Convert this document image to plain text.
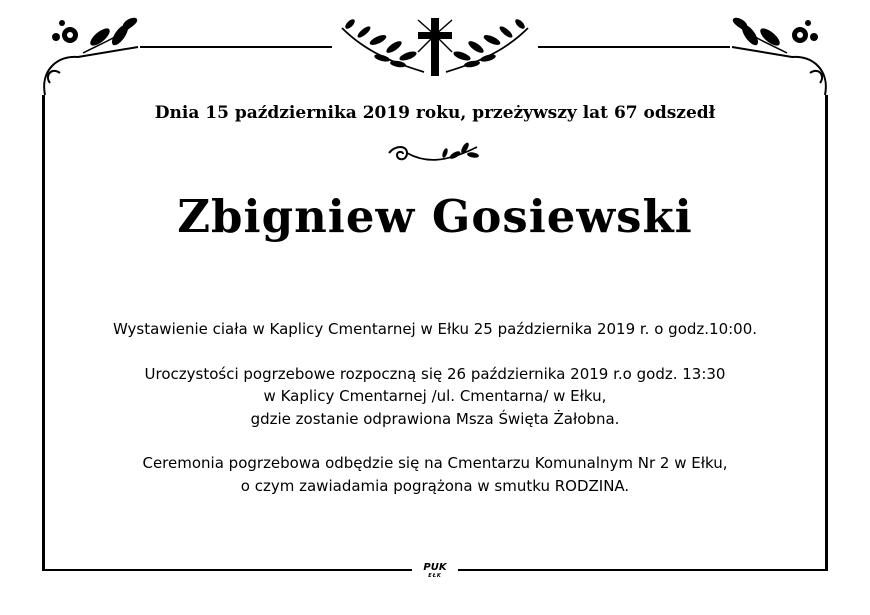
Dnia 15 października 2019 roku, przeżywszy lat 67 odszedł
Zbigniew Gosiewski

Wystawienie ciała w Kaplicy Cmentarnej w Ełku 25 października 2019 r. o godz.10:00.

Uroczystości pogrzebowe rozpoczną się 26 października 2019 r.o godz. 13:30
w Kaplicy Cmentarnej /ul. Cmentarna/ w Ełku,
gdzie zostanie odprawiona Msza Święta Żałobna.

Ceremonia pogrzebowa odbędzie się na Cmentarzu Komunalnym Nr 2 w Ełku,
o czym zawiadamia pogrążona w smutku RODZINA.

PUK
EŁK
